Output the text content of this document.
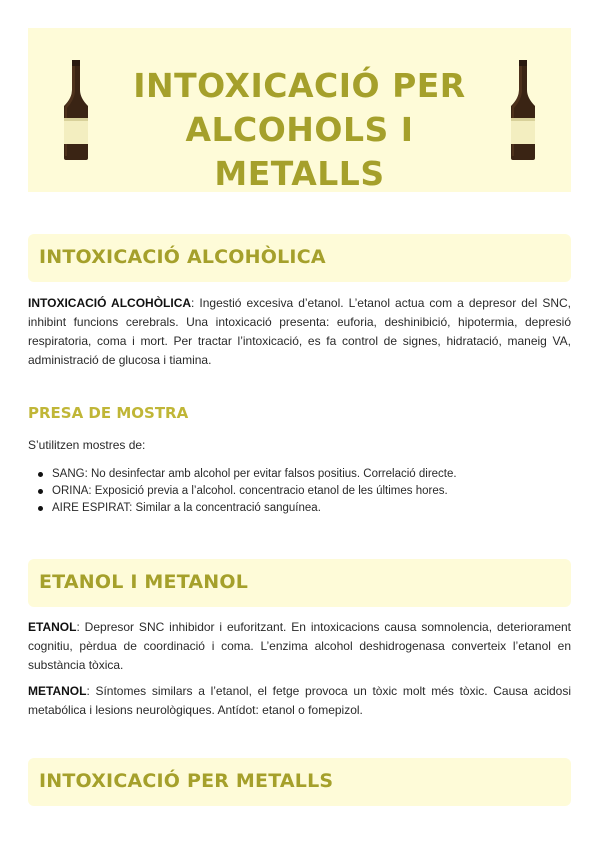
INTOXICACIÓ PER ALCOHOLS I METALLS
INTOXICACIÓ ALCOHÒLICA
INTOXICACIÓ ALCOHÒLICA: Ingestió excesiva d’etanol. L’etanol actua com a depresor del SNC, inhibint funcions cerebrals. Una intoxicació presenta: euforia, deshinibició, hipotermia, depresió respiratoria, coma i mort. Per tractar l’intoxicació, es fa control de signes, hidratació, maneig VA, administració de glucosa i tiamina.
PRESA DE MOSTRA
S’utilitzen mostres de:
SANG: No desinfectar amb alcohol per evitar falsos positius. Correlació directe.
ORINA: Exposició previa a l’alcohol. concentracio etanol de les últimes hores.
AIRE ESPIRAT: Similar a la concentració sanguínea.
ETANOL I METANOL
ETANOL: Depresor SNC inhibidor i euforitzant. En intoxicacions causa somnolencia, deteriorament cognitiu, pèrdua de coordinació i coma. L’enzima alcohol deshidrogenasa converteix l’etanol en substància tòxica.
METANOL: Síntomes similars a l’etanol, el fetge provoca un tòxic molt més tòxic. Causa acidosi metabólica i lesions neurològiques. Antídot: etanol o fomepizol.
INTOXICACIÓ PER METALLS
